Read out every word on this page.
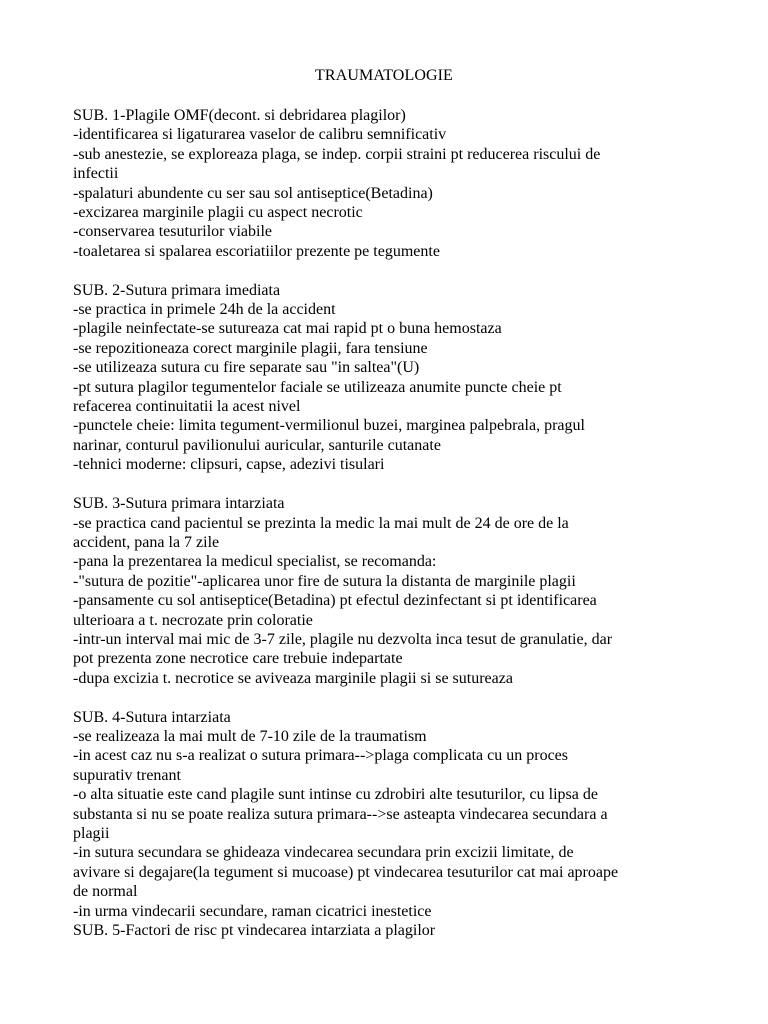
TRAUMATOLOGIE
SUB. 1-Plagile OMF(decont. si debridarea plagilor)
-identificarea si ligaturarea vaselor de calibru semnificativ
-sub anestezie, se exploreaza plaga, se indep. corpii straini pt reducerea riscului de
infectii
-spalaturi abundente cu ser sau sol antiseptice(Betadina)
-excizarea marginile plagii cu aspect necrotic
-conservarea tesuturilor viabile
-toaletarea si spalarea escoriatiilor prezente pe tegumente
SUB. 2-Sutura primara imediata
-se practica in primele 24h de la accident
-plagile neinfectate-se sutureaza cat mai rapid pt o buna hemostaza
-se repozitioneaza corect marginile plagii, fara tensiune
-se utilizeaza sutura cu fire separate sau "in saltea"(U)
-pt sutura plagilor tegumentelor faciale se utilizeaza anumite puncte cheie pt
refacerea continuitatii la acest nivel
-punctele cheie: limita tegument-vermilionul buzei, marginea palpebrala, pragul
narinar, conturul pavilionului auricular, santurile cutanate
-tehnici moderne: clipsuri, capse, adezivi tisulari
SUB. 3-Sutura primara intarziata
-se practica cand pacientul se prezinta la medic la mai mult de 24 de ore de la
accident, pana la 7 zile
-pana la prezentarea la medicul specialist, se recomanda:
-"sutura de pozitie"-aplicarea unor fire de sutura la distanta de marginile plagii
-pansamente cu sol antiseptice(Betadina) pt efectul dezinfectant si pt identificarea
ulterioara a t. necrozate prin coloratie
-intr-un interval mai mic de 3-7 zile, plagile nu dezvolta inca tesut de granulatie, dar
pot prezenta zone necrotice care trebuie indepartate
-dupa excizia t. necrotice se aviveaza marginile plagii si se sutureaza
SUB. 4-Sutura intarziata
-se realizeaza la mai mult de 7-10 zile de la traumatism
-in acest caz nu s-a realizat o sutura primara-->plaga complicata cu un proces
supurativ trenant
-o alta situatie este cand plagile sunt intinse cu zdrobiri alte tesuturilor, cu lipsa de
substanta si nu se poate realiza sutura primara-->se asteapta vindecarea secundara a
plagii
-in sutura secundara se ghideaza vindecarea secundara prin excizii limitate, de
avivare si degajare(la tegument si mucoase) pt vindecarea tesuturilor cat mai aproape
de normal
-in urma vindecarii secundare, raman cicatrici inestetice
SUB. 5-Factori de risc pt vindecarea intarziata a plagilor
